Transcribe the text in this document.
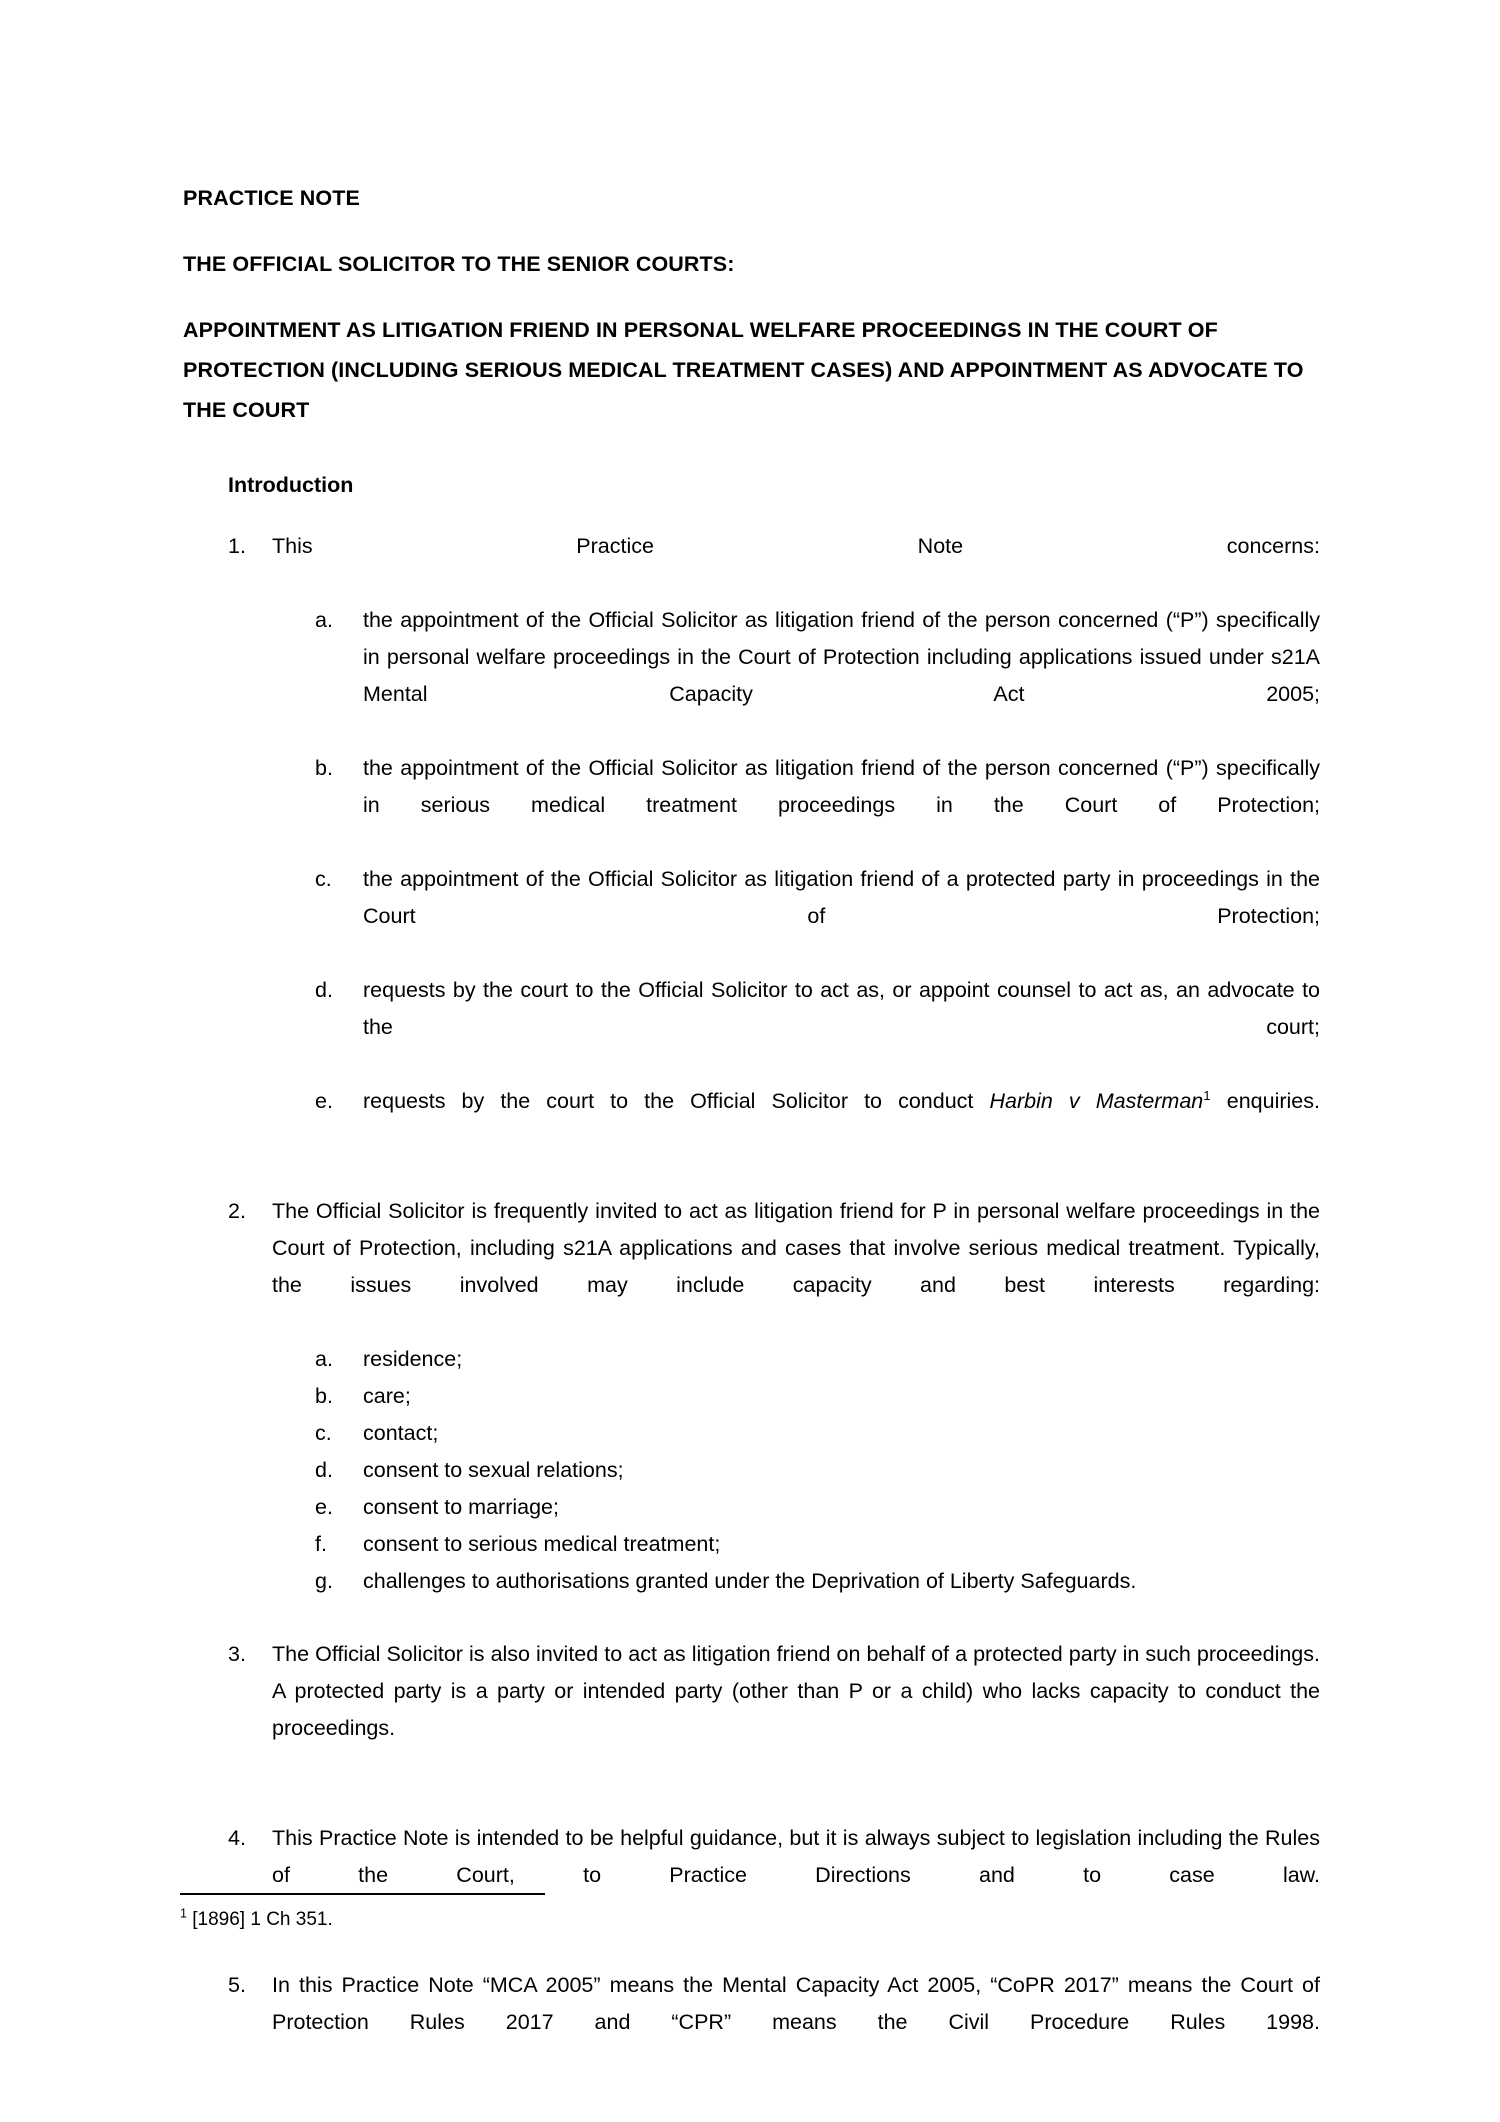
PRACTICE NOTE

THE OFFICIAL SOLICITOR TO THE SENIOR COURTS:

APPOINTMENT AS LITIGATION FRIEND IN PERSONAL WELFARE PROCEEDINGS IN THE COURT OF PROTECTION (INCLUDING SERIOUS MEDICAL TREATMENT CASES) AND APPOINTMENT AS ADVOCATE TO THE COURT

Introduction

1.	This Practice Note concerns:
a.	the appointment of the Official Solicitor as litigation friend of the person concerned (“P”) specifically in personal welfare proceedings in the Court of Protection including applications issued under s21A Mental Capacity Act 2005;
b.	the appointment of the Official Solicitor as litigation friend of the person concerned (“P”) specifically in serious medical treatment proceedings in the Court of Protection;
c.	the appointment of the Official Solicitor as litigation friend of a protected party in proceedings in the Court of Protection;
d.	requests by the court to the Official Solicitor to act as, or appoint counsel to act as, an advocate to the court;
e.	requests by the court to the Official Solicitor to conduct Harbin v Masterman$^1$ enquiries.
2.	The Official Solicitor is frequently invited to act as litigation friend for P in personal welfare proceedings in the Court of Protection, including s21A applications and cases that involve serious medical treatment. Typically, the issues involved may include capacity and best interests regarding:
a.	residence;
b.	care;
c.	contact;
d.	consent to sexual relations;
e.	consent to marriage;
f.	consent to serious medical treatment;
g.	challenges to authorisations granted under the Deprivation of Liberty Safeguards.
3.	The Official Solicitor is also invited to act as litigation friend on behalf of a protected party in such proceedings. A protected party is a party or intended party (other than P or a child) who lacks capacity to conduct the proceedings.
4.	This Practice Note is intended to be helpful guidance, but it is always subject to legislation including the Rules of the Court, to Practice Directions and to case law.
5.	In this Practice Note “MCA 2005” means the Mental Capacity Act 2005, “CoPR 2017” means the Court of Protection Rules 2017 and “CPR” means the Civil Procedure Rules 1998.

$^1$ [1896] 1 Ch 351.
